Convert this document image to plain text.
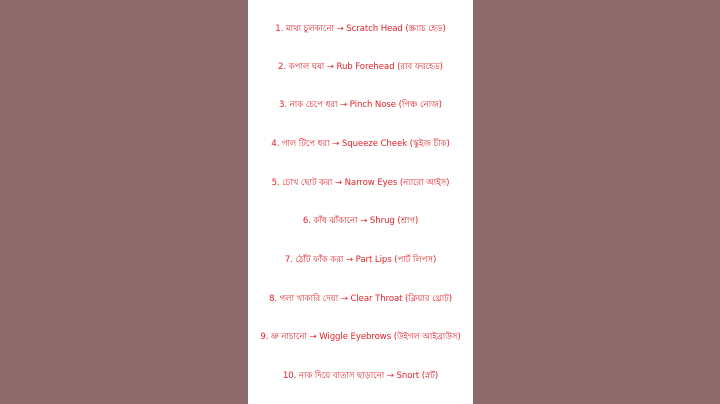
1. মাথা চুলকানো → Scratch Head (স্ক্র্যাচ হেড)
2. কপাল ঘষা → Rub Forehead (রাব ফরহেড)
3. নাক চেপে ধরা → Pinch Nose (পিঞ্চ নোজ)
4. গাল টিপে ধরা → Squeeze Cheek (স্কুইজ চীক)
5. চোখ ছোট করা → Narrow Eyes (ন্যারো আইস)
6. কাঁধ ঝাঁকানো → Shrug (শ্রাগ)
7. ঠোঁট ফাঁক করা → Part Lips (পার্ট লিপস)
8. গলা খাকারি দেয়া → Clear Throat (ক্লিয়ার থ্রোট)
9. ভ্রু নাচানো → Wiggle Eyebrows (উইগল আইব্রাউস)
10. নাক দিয়ে বাতাস ছাড়ানো → Snort (স্নর্ট)
